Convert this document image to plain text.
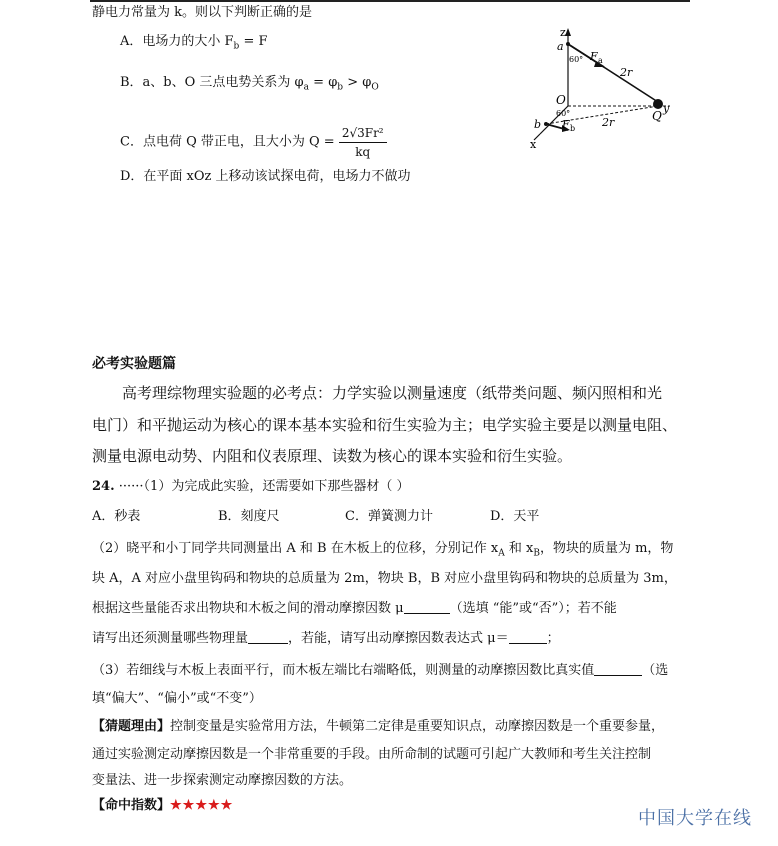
静电力常量为 k。则以下判断正确的是
A．电场力的大小 $F_b = F$
B．a、b、O 三点电势关系为 $\varphi_a = \varphi_b > \varphi_O$
C．点电荷 Q 带正电，且大小为 $Q = \frac{\text{2√3Fr²}}{kq}$
D．在平面 xOz 上移动该试探电荷，电场力不做功
z
x
a
60° F a
2r
O
60°	Q
y
b F b 2r
必考实验题篇
高考理综物理实验题的必考点：力学实验以测量速度（纸带类问题、频闪照相和光
电门）和平抛运动为核心的课本基本实验和衍生实验为主；电学实验主要是以测量电阻、
测量电源电动势、内阻和仪表原理、读数为核心的课本实验和衍生实验。
24. ······（1）为完成此实验，还需要如下那些器材（ ）
A．秒表	B．刻度尺	C．弹簧测力计	D．天平
（2）晓平和小丁同学共同测量出 A 和 B 在木板上的位移，分别记作 $x_A$ 和 $x_B$，物块的质量为 m，物
块 A，A 对应小盘里钩码和物块的总质量为 2m，物块 B，B 对应小盘里钩码和物块的总质量为 3m，
根据这些量能否求出物块和木板之间的滑动摩擦因数 μ	（选填 “能”或“否”）；若不能
请写出还须测量哪些物理量	，若能，请写出动摩擦因数表达式 μ＝	；
（3）若细线与木板上表面平行，而木板左端比右端略低，则测量的动摩擦因数比真实值	（选
填“偏大”、“偏小”或“不变”）
【猜题理由】控制变量是实验常用方法，牛顿第二定律是重要知识点，动摩擦因数是一个重要参量，
通过实验测定动摩擦因数是一个非常重要的手段。由所命制的试题可引起广大教师和考生关注控制
变量法、进一步探索测定动摩擦因数的方法。
【命中指数】★★★★★
中国大学在线
